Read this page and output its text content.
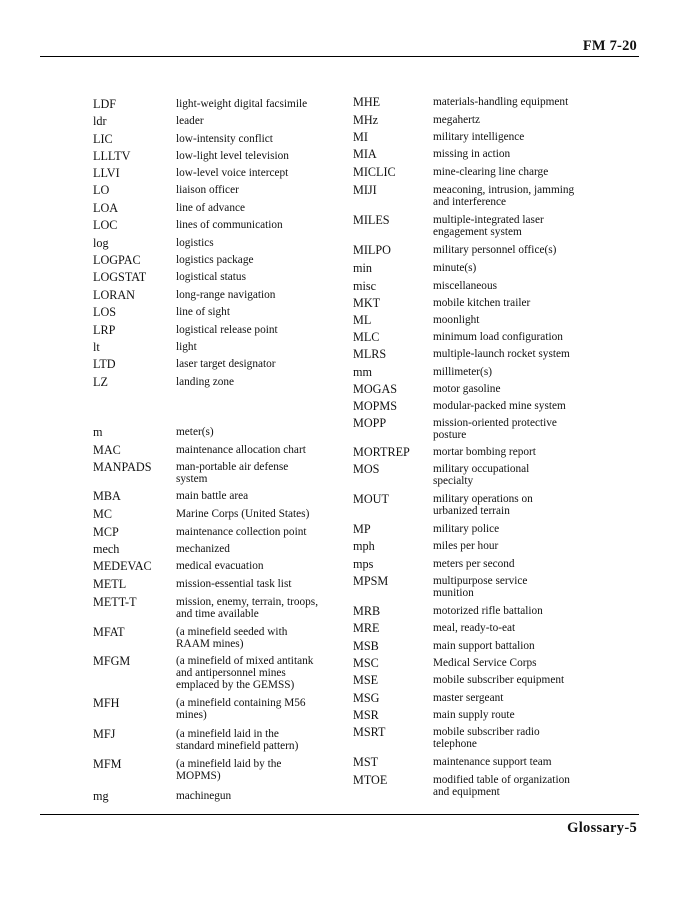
FM 7-20
LDF	light-weight digital facsimile
ldr	leader
LIC	low-intensity conflict
LLLTV	low-light level television
LLVI	low-level voice intercept
LO	liaison officer
LOA	line of advance
LOC	lines of communication
log	logistics
LOGPAC	logistics package
LOGSTAT	logistical status
LORAN	long-range navigation
LOS	line of sight
LRP	logistical release point
lt	light
LTD	laser target designator
LZ	landing zone
m	meter(s)
MAC	maintenance allocation chart
MANPADS man-portable air defense
system
MBA	main battle area
MC	Marine Corps (United States)
MCP	maintenance collection point
mech	mechanized
MEDEVAC medical evacuation
METL	mission-essential task list
METT-T	mission, enemy, terrain, troops,
and time available
MFAT	(a minefield seeded with
RAAM mines)
MFGM	(a minefield of mixed antitank
and antipersonnel mines
emplaced by the GEMSS)
MFH	(a minefield containing M56
mines)
MFJ	(a minefield laid in the
standard minefield pattern)
MFM	(a minefield laid by the
MOPMS)
mg	machinegun
MHE	materials-handling equipment
MHz	megahertz
MI	military intelligence
MIA	missing in action
MICLIC	mine-clearing line charge
MIJI	meaconing, intrusion, jamming
and interference
MILES	multiple-integrated laser
engagement system
MILPO	military personnel office(s)
min	minute(s)
misc	miscellaneous
MKT	mobile kitchen trailer
ML	moonlight
MLC	minimum load configuration
MLRS	multiple-launch rocket system
mm	millimeter(s)
MOGAS	motor gasoline
MOPMS	modular-packed mine system
MOPP	mission-oriented protective
posture
MORTREP mortar bombing report
MOS	military occupational
specialty
MOUT	military operations on
urbanized terrain
MP	military police
mph	miles per hour
mps	meters per second
MPSM	multipurpose service
munition
MRB	motorized rifle battalion
MRE	meal, ready-to-eat
MSB	main support battalion
MSC	Medical Service Corps
MSE	mobile subscriber equipment
MSG	master sergeant
MSR	main supply route
MSRT	mobile subscriber radio
telephone
MST	maintenance support team
MTOE	modified table of organization
and equipment
Glossary-5
